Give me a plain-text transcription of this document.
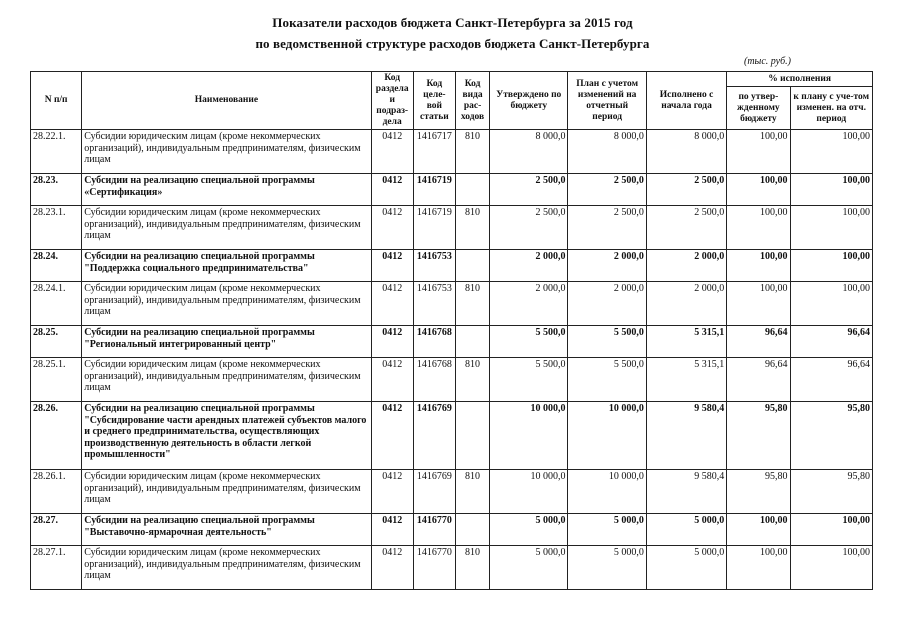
Показатели расходов бюджета Санкт-Петербурга за 2015 год
по ведомственной структуре расходов бюджета Санкт-Петербурга
(тыс. руб.)
N п/п	Наименование	Код раздела и подраз-дела	Код целе-вой статьи	Код вида рас-ходов	Утверждено по бюджету	План с учетом изменений на отчетный период	Исполнено с начала года	% исполнения	
								по утвер-жденному бюджету	к плану с уче-том изменен. на отч. период
28.22.1.	Субсидии юридическим лицам (кроме некоммерческих организаций), индивидуальным предпринимателям, физическим лицам	0412	1416717	810	8 000,0	8 000,0	8 000,0	100,00	100,00
28.23.	Субсидии на реализацию специальной программы «Сертификация»	0412	1416719		2 500,0	2 500,0	2 500,0	100,00	100,00
28.23.1.	Субсидии юридическим лицам (кроме некоммерческих организаций), индивидуальным предпринимателям, физическим лицам	0412	1416719	810	2 500,0	2 500,0	2 500,0	100,00	100,00
28.24.	Субсидии на реализацию специальной программы "Поддержка социального предпринимательства"	0412	1416753		2 000,0	2 000,0	2 000,0	100,00	100,00
28.24.1.	Субсидии юридическим лицам (кроме некоммерческих организаций), индивидуальным предпринимателям, физическим лицам	0412	1416753	810	2 000,0	2 000,0	2 000,0	100,00	100,00
28.25.	Субсидии на реализацию специальной программы "Региональный интегрированный центр"	0412	1416768		5 500,0	5 500,0	5 315,1	96,64	96,64
28.25.1.	Субсидии юридическим лицам (кроме некоммерческих организаций), индивидуальным предпринимателям, физическим лицам	0412	1416768	810	5 500,0	5 500,0	5 315,1	96,64	96,64
28.26.	Субсидии на реализацию специальной программы "Субсидирование части арендных платежей субъектов малого и среднего предпринимательства, осуществляющих производственную деятельность в области легкой промышленности"	0412	1416769		10 000,0	10 000,0	9 580,4	95,80	95,80
28.26.1.	Субсидии юридическим лицам (кроме некоммерческих организаций), индивидуальным предпринимателям, физическим лицам	0412	1416769	810	10 000,0	10 000,0	9 580,4	95,80	95,80
28.27.	Субсидии на реализацию специальной программы "Выставочно-ярмарочная деятельность"	0412	1416770		5 000,0	5 000,0	5 000,0	100,00	100,00
28.27.1.	Субсидии юридическим лицам (кроме некоммерческих организаций), индивидуальным предпринимателям, физическим лицам	0412	1416770	810	5 000,0	5 000,0	5 000,0	100,00	100,00
